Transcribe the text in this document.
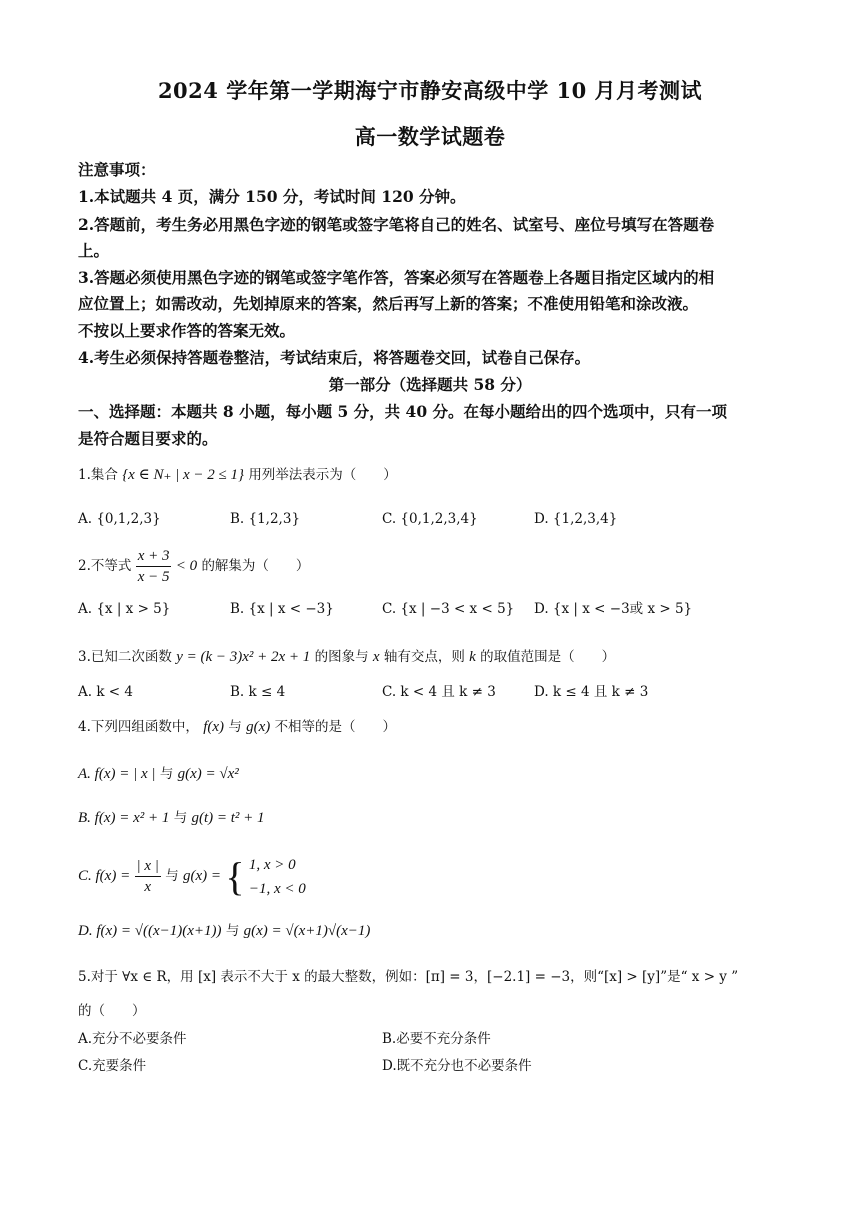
2024 学年第一学期海宁市静安高级中学 10 月月考测试
高一数学试题卷
注意事项：
1.本试题共 4 页，满分 150 分，考试时间 120 分钟。
2.答题前，考生务必用黑色字迹的钢笔或签字笔将自己的姓名、试室号、座位号填写在答题卷
上。
3.答题必须使用黑色字迹的钢笔或签字笔作答，答案必须写在答题卷上各题目指定区域内的相
应位置上；如需改动，先划掉原来的答案，然后再写上新的答案；不准使用铅笔和涂改液。
不按以上要求作答的答案无效。
4.考生必须保持答题卷整洁，考试结束后，将答题卷交回，试卷自己保存。
第一部分（选择题共 58 分）
一、选择题：本题共 8 小题，每小题 5 分，共 40 分。在每小题给出的四个选项中，只有一项
是符合题目要求的。
1.集合 {x ∈ N₊ | x − 2 ≤ 1} 用列举法表示为（　　）
A. {0,1,2,3}	B. {1,2,3}	C. {0,1,2,3,4}	D. {1,2,3,4}
2.不等式 $\frac{x + 3}{x - 5} < 0$ 的解集为（　　）
A. {x | x > 5}	B. {x | x < −3}	C. {x | −3 < x < 5} D. {x | x < −3或 x > 5}
3.已知二次函数 y = (k − 3)x² + 2x + 1 的图象与 x 轴有交点，则 k 的取值范围是（　　）
A. k < 4	B. k ≤ 4	C. k < 4 且 k ≠ 3	D. k ≤ 4 且 k ≠ 3
4.下列四组函数中， f(x) 与 g(x) 不相等的是（　　）
A. f(x) = | x | 与 g(x) = √x²
B. f(x) = x² + 1 与 g(t) = t² + 1
C. $f(x) = \frac{| x |}{x}$ 与 g(x) = { 1, x > 0
−1, x < 0
D. f(x) = √((x−1)(x+1)) 与 g(x) = √(x+1)√(x−1)
5.对于 ∀x ∈ R，用 [x] 表示不大于 x 的最大整数，例如：[π] = 3，[−2.1] = −3，则“[x] > [y]”是“ x > y ”
的（　　）
A.充分不必要条件	B.必要不充分条件
C.充要条件	D.既不充分也不必要条件
